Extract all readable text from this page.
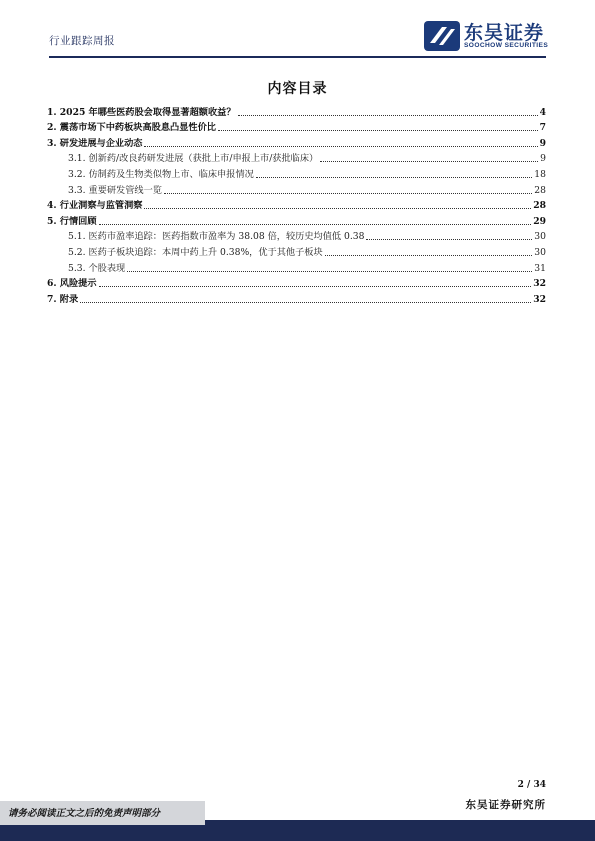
行业跟踪周报	东吴证券
SOOCHOW SECURITIES
内容目录
1. 2025 年哪些医药股会取得显著超额收益？	4
2. 震荡市场下中药板块高股息凸显性价比	7
3. 研发进展与企业动态	9
3.1. 创新药/改良药研发进展（获批上市/申报上市/获批临床）	9
3.2. 仿制药及生物类似物上市、临床申报情况	18
3.3. 重要研发管线一览	28
4. 行业洞察与监管洞察	28
5. 行情回顾	29
5.1. 医药市盈率追踪：医药指数市盈率为 38.08 倍，较历史均值低 0.38	30
5.2. 医药子板块追踪：本周中药上升 0.38%，优于其他子板块	30
5.3. 个股表现	31
6. 风险提示	32
7. 附录	32
2 / 34
请务必阅读正文之后的免责声明部分
东吴证券研究所
